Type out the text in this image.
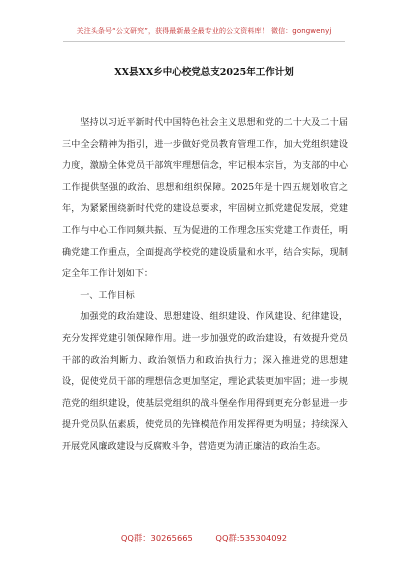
关注头条号“公文研究”，获得最新最全最专业的公文资料库！ 微信：gongwenyj
XX县XX乡中心校党总支2025年工作计划

坚持以习近平新时代中国特色社会主义思想和党的二十大及二十届三中全会精神为指引，进一步做好党员教育管理工作，加大党组织建设力度，激励全体党员干部筑牢理想信念，牢记根本宗旨，为支部的中心工作提供坚强的政治、思想和组织保障。2025年是十四五规划收官之年，为紧紧围绕新时代党的建设总要求，牢固树立抓党建促发展，党建工作与中心工作同频共振、互为促进的工作理念压实党建工作责任，明确党建工作重点，全面提高学校党的建设质量和水平，结合实际，现制定全年工作计划如下：

一、工作目标

加强党的政治建设、思想建设、组织建设、作风建设、纪律建设，充分发挥党建引领保障作用。进一步加强党的政治建设，有效提升党员干部的政治判断力、政治领悟力和政治执行力；深入推进党的思想建设，促使党员干部的理想信念更加坚定，理论武装更加牢固；进一步规范党的组织建设，使基层党组织的战斗堡垒作用得到更充分彰显进一步提升党员队伍素质，使党员的先锋模范作用发挥得更为明显；持续深入开展党风廉政建设与反腐败斗争，营造更为清正廉洁的政治生态。

QQ群：30265665	QQ群:535304092
